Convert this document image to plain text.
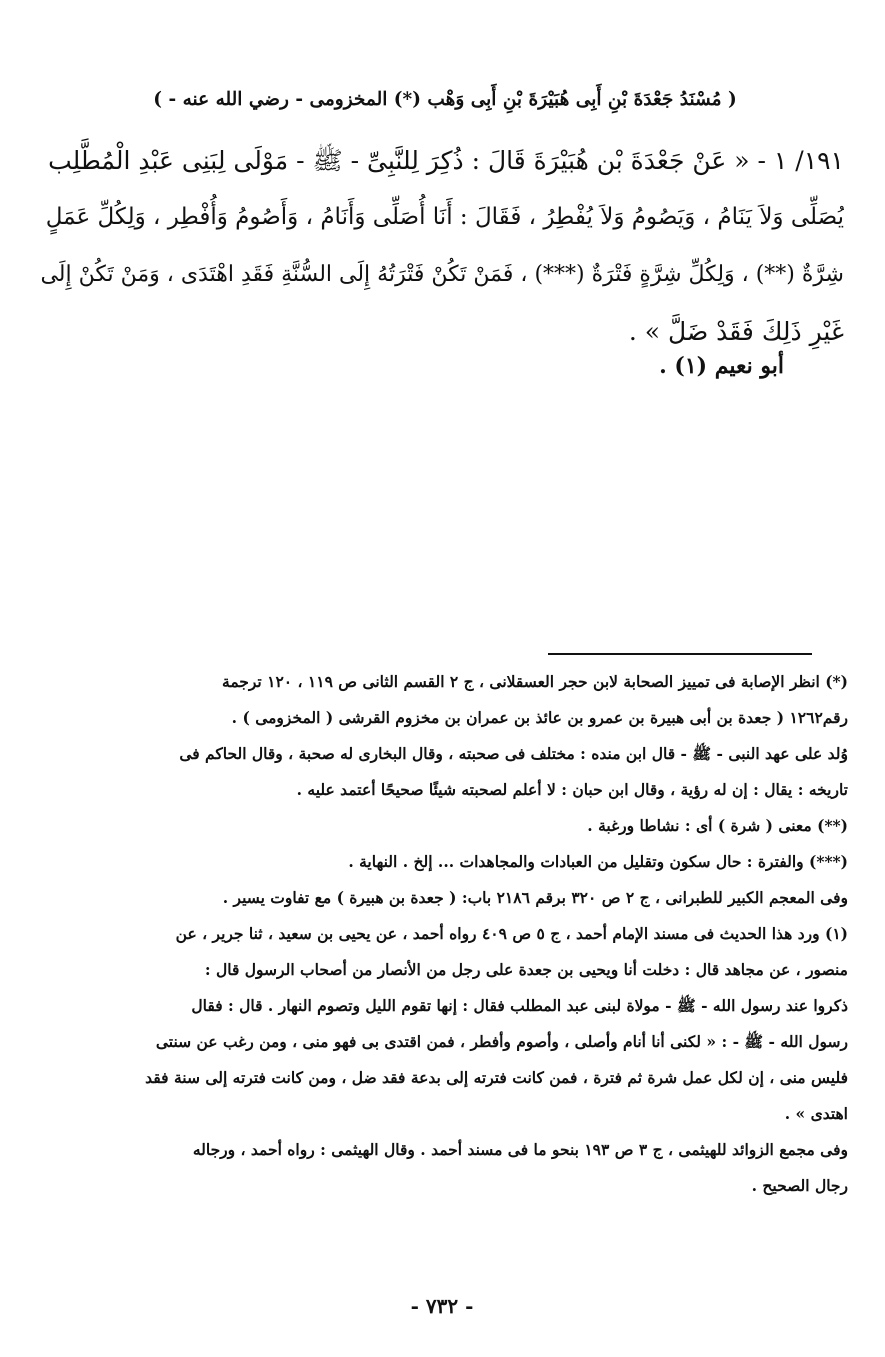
( مُسْنَدُ جَعْدَةَ بْنِ أَبِى هُبَيْرَةَ بْنِ أَبِى وَهْب (*) المخزومى - رضي الله عنه - )
١٩١/ ١ - « عَنْ جَعْدَةَ بْن هُبَيْرَةَ قَالَ : ذُكِرَ لِلنَّبِىِّ - ﷺ - مَوْلَى لِبَنِى عَبْدِ الْمُطَّلِب
يُصَلِّى وَلاَ يَنَامُ ، وَيَصُومُ وَلاَ يُفْطِرُ ، فَقَالَ : أَنَا أُصَلِّى وَأَنَامُ ، وَأَصُومُ وَأُفْطِر ، وَلِكُلِّ عَمَلٍ
شِرَّةٌ (**) ، وَلِكُلِّ شِرَّةٍ فَتْرَةٌ (***) ، فَمَنْ تَكُنْ فَتْرَتُهُ إِلَى السُّنَّةِ فَقَدِ اهْتَدَى ، وَمَنْ تَكُنْ إِلَى
غَيْرِ ذَلِكَ فَقَدْ ضَلَّ » .
أبو نعيم (١) .
(*) انظر الإصابة فى تمييز الصحابة لابن حجر العسقلانى ، ج ٢ القسم الثانى ص ١١٩ ، ١٢٠ ترجمة
رقم١٢٦٢ ( جعدة بن أبى هبيرة بن عمرو بن عائذ بن عمران بن مخزوم القرشى ( المخزومى ) .
وُلد على عهد النبى - ﷺ - قال ابن منده : مختلف فى صحبته ، وقال البخارى له صحبة ، وقال الحاكم فى
تاريخه : يقال : إن له رؤية ، وقال ابن حبان : لا أعلم لصحبته شيئًا صحيحًا أعتمد عليه .
(**) معنى ( شرة ) أى : نشاطا ورغبة .
(***) والفترة : حال سكون وتقليل من العبادات والمجاهدات ... إلخ . النهاية .
وفى المعجم الكبير للطبرانى ، ج ٢ ص ٣٢٠ برقم ٢١٨٦ باب: ( جعدة بن هبيرة ) مع تفاوت يسير .
(١) ورد هذا الحديث فى مسند الإمام أحمد ، ج ٥ ص ٤٠٩ رواه أحمد ، عن يحيى بن سعيد ، ثنا جرير ، عن
منصور ، عن مجاهد قال : دخلت أنا ويحيى بن جعدة على رجل من الأنصار من أصحاب الرسول قال :
ذكروا عند رسول الله - ﷺ - مولاة لبنى عبد المطلب فقال : إنها تقوم الليل وتصوم النهار . قال : فقال
رسول الله - ﷺ - : « لكنى أنا أنام وأصلى ، وأصوم وأفطر ، فمن اقتدى بى فهو منى ، ومن رغب عن سنتى
فليس منى ، إن لكل عمل شرة ثم فترة ، فمن كانت فترته إلى بدعة فقد ضل ، ومن كانت فترته إلى سنة فقد
اهتدى » .
وفى مجمع الزوائد للهيثمى ، ج ٣ ص ١٩٣ بنحو ما فى مسند أحمد . وقال الهيثمى : رواه أحمد ، ورجاله
رجال الصحيح .
- ٧٣٢ -
